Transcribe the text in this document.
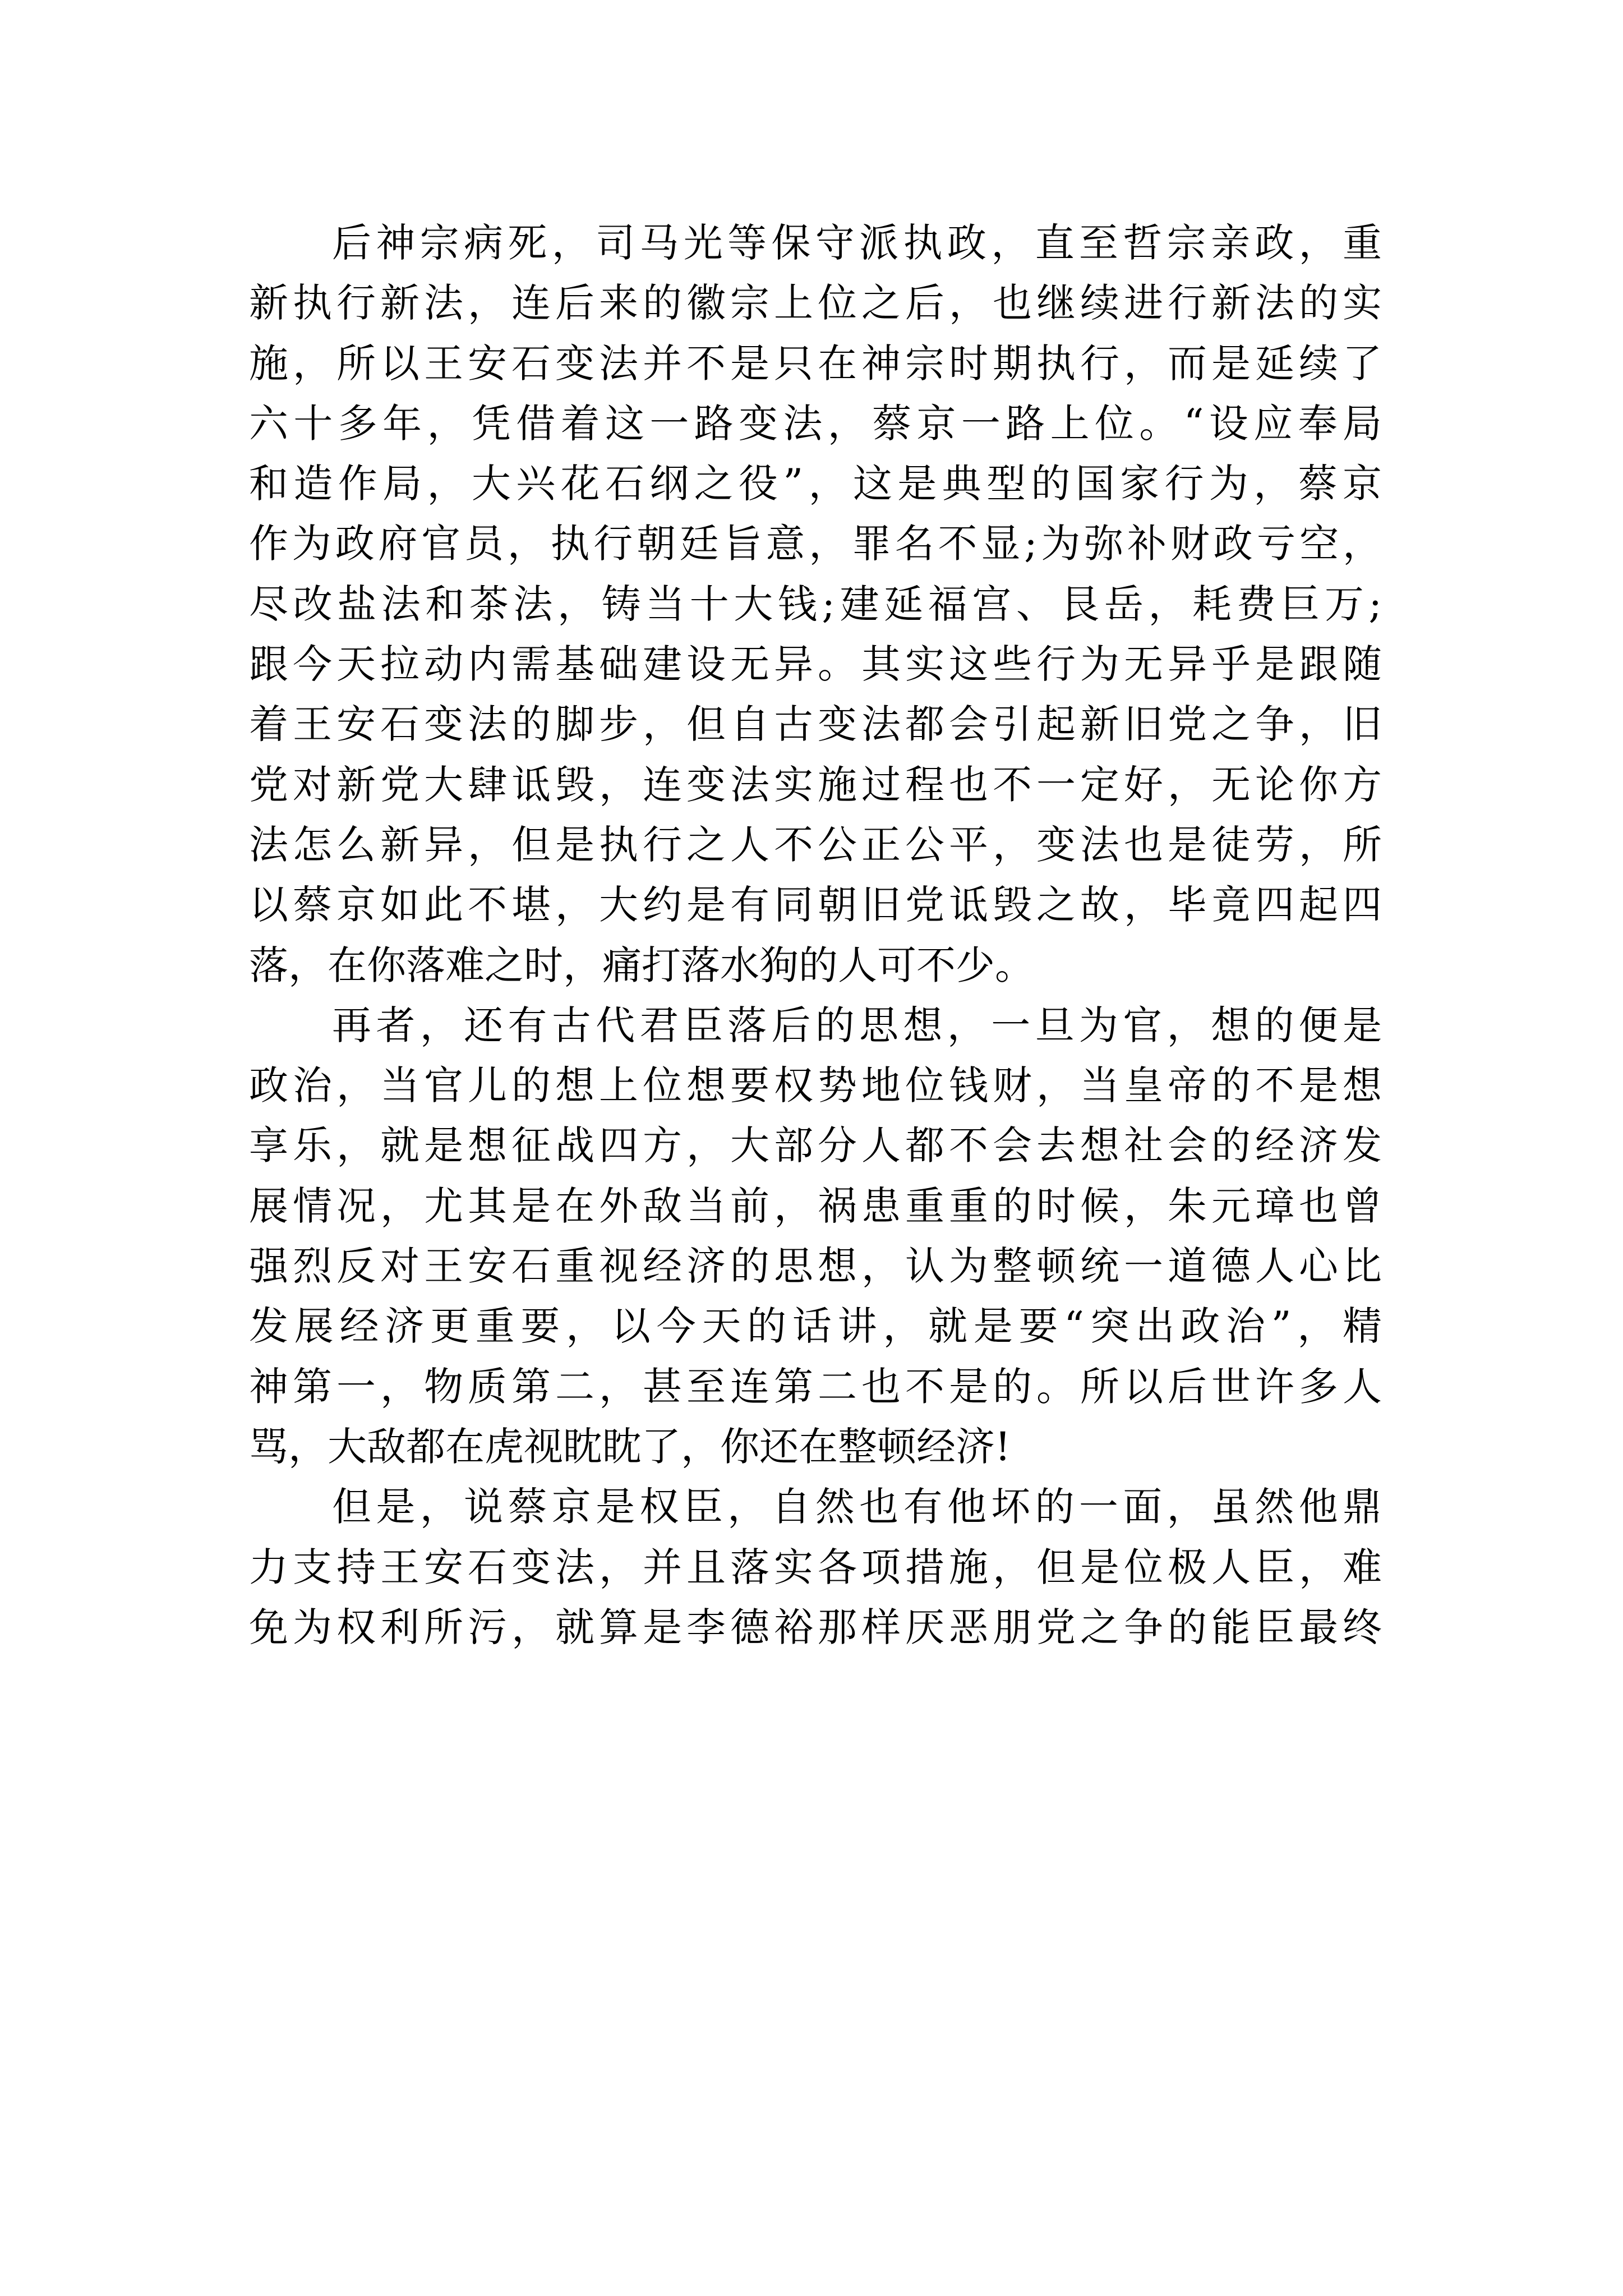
后神宗病死，司马光等保守派执政，直至哲宗亲政，重
新执行新法，连后来的徽宗上位之后，也继续进行新法的实
施，所以王安石变法并不是只在神宗时期执行，而是延续了
六十多年，凭借着这一路变法，蔡京一路上位。“设应奉局
和造作局，大兴花石纲之役”，这是典型的国家行为，蔡京
作为政府官员，执行朝廷旨意，罪名不显;为弥补财政亏空，
尽改盐法和茶法，铸当十大钱;建延福宫、艮岳，耗费巨万;
跟今天拉动内需基础建设无异。其实这些行为无异乎是跟随
着王安石变法的脚步，但自古变法都会引起新旧党之争，旧
党对新党大肆诋毁，连变法实施过程也不一定好，无论你方
法怎么新异，但是执行之人不公正公平，变法也是徒劳，所
以蔡京如此不堪，大约是有同朝旧党诋毁之故，毕竟四起四
落，在你落难之时，痛打落水狗的人可不少。
再者，还有古代君臣落后的思想，一旦为官，想的便是
政治，当官儿的想上位想要权势地位钱财，当皇帝的不是想
享乐，就是想征战四方，大部分人都不会去想社会的经济发
展情况，尤其是在外敌当前，祸患重重的时候，朱元璋也曾
强烈反对王安石重视经济的思想，认为整顿统一道德人心比
发展经济更重要，以今天的话讲，就是要“突出政治”，精
神第一，物质第二，甚至连第二也不是的。所以后世许多人
骂，大敌都在虎视眈眈了，你还在整顿经济!
但是，说蔡京是权臣，自然也有他坏的一面，虽然他鼎
力支持王安石变法，并且落实各项措施，但是位极人臣，难
免为权利所污，就算是李德裕那样厌恶朋党之争的能臣最终
